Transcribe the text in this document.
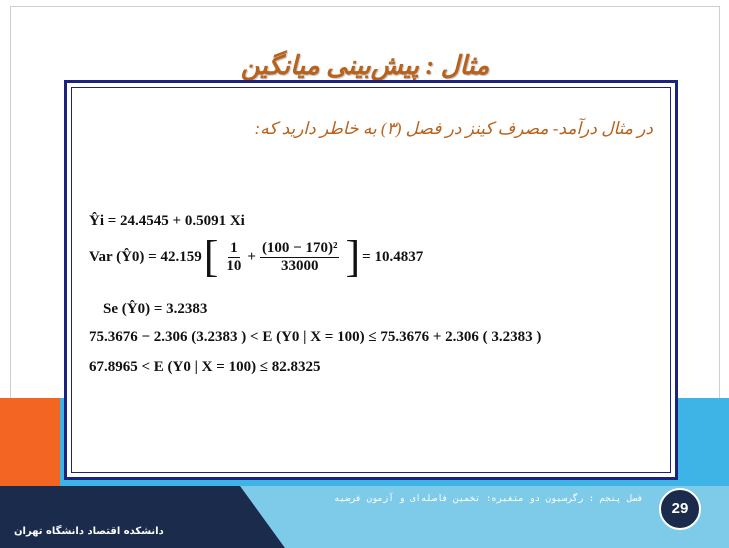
مثال : پیش‌بینی میانگین
در مثال درآمد- مصرف کینز در فصل (۳) به خاطر دارید که:
Ŷi = 24.4545 + 0.5091 Xi
Var (Ŷ0) = 42.159 [ $\frac{1}{10} + \frac{\text{(100 − 170)²}}{33000}$ ] = 10.4837
Se (Ŷ0) = 3.2383
75.3676 − 2.306 (3.2383 ) < E (Y0 | X = 100) ≤ 75.3676 + 2.306 ( 3.2383 )
67.8965 < E (Y0 | X = 100) ≤ 82.8325
29
فصل پنجم : رگرسیون دو متغیره: تخمین فاصله‌ای و آزمون فرضیه
دانشکده اقتصاد دانشگاه تهران
